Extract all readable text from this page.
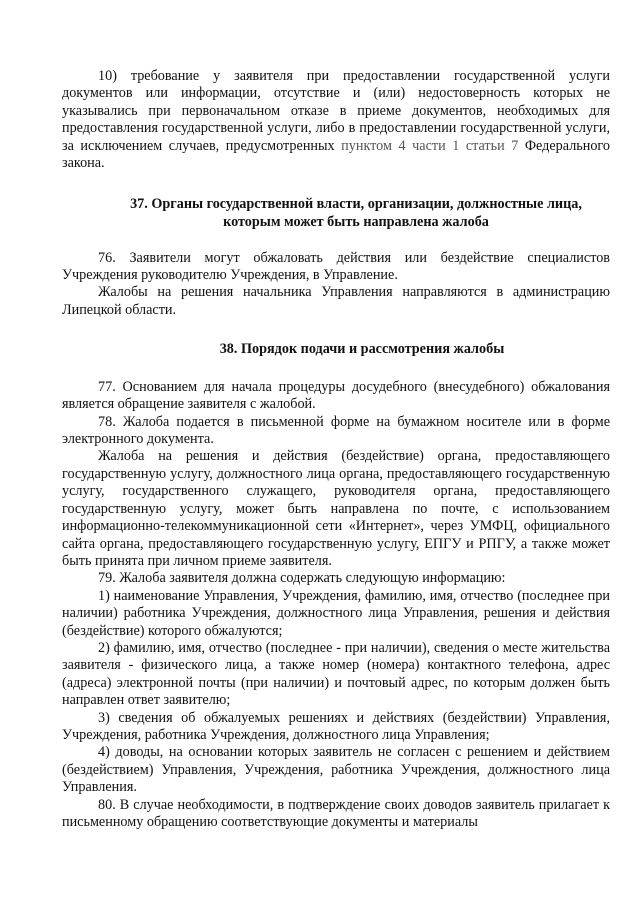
10) требование у заявителя при предоставлении государственной услуги документов или информации, отсутствие и (или) недостоверность которых не указывались при первоначальном отказе в приеме документов, необходимых для предоставления государственной услуги, либо в предоставлении государственной услуги, за исключением случаев, предусмотренных пунктом 4 части 1 статьи 7 Федерального закона.

37. Органы государственной власти, организации, должностные лица, которым может быть направлена жалоба

76. Заявители могут обжаловать действия или бездействие специалистов Учреждения руководителю Учреждения, в Управление.

Жалобы на решения начальника Управления направляются в администрацию Липецкой области.

38. Порядок подачи и рассмотрения жалобы

77. Основанием для начала процедуры досудебного (внесудебного) обжалования является обращение заявителя с жалобой.

78. Жалоба подается в письменной форме на бумажном носителе или в форме электронного документа.

Жалоба на решения и действия (бездействие) органа, предоставляющего государственную услугу, должностного лица органа, предоставляющего государственную услугу, государственного служащего, руководителя органа, предоставляющего государственную услугу, может быть направлена по почте, с использованием информационно-телекоммуникационной сети «Интернет», через УМФЦ, официального сайта органа, предоставляющего государственную услугу, ЕПГУ и РПГУ, а также может быть принята при личном приеме заявителя.

79. Жалоба заявителя должна содержать следующую информацию:

1) наименование Управления, Учреждения, фамилию, имя, отчество (последнее при наличии) работника Учреждения, должностного лица Управления, решения и действия (бездействие) которого обжалуются;

2) фамилию, имя, отчество (последнее - при наличии), сведения о месте жительства заявителя - физического лица, а также номер (номера) контактного телефона, адрес (адреса) электронной почты (при наличии) и почтовый адрес, по которым должен быть направлен ответ заявителю;

3) сведения об обжалуемых решениях и действиях (бездействии) Управления, Учреждения, работника Учреждения, должностного лица Управления;

4) доводы, на основании которых заявитель не согласен с решением и действием (бездействием) Управления, Учреждения, работника Учреждения, должностного лица Управления.

80. В случае необходимости, в подтверждение своих доводов заявитель прилагает к письменному обращению соответствующие документы и материалы
